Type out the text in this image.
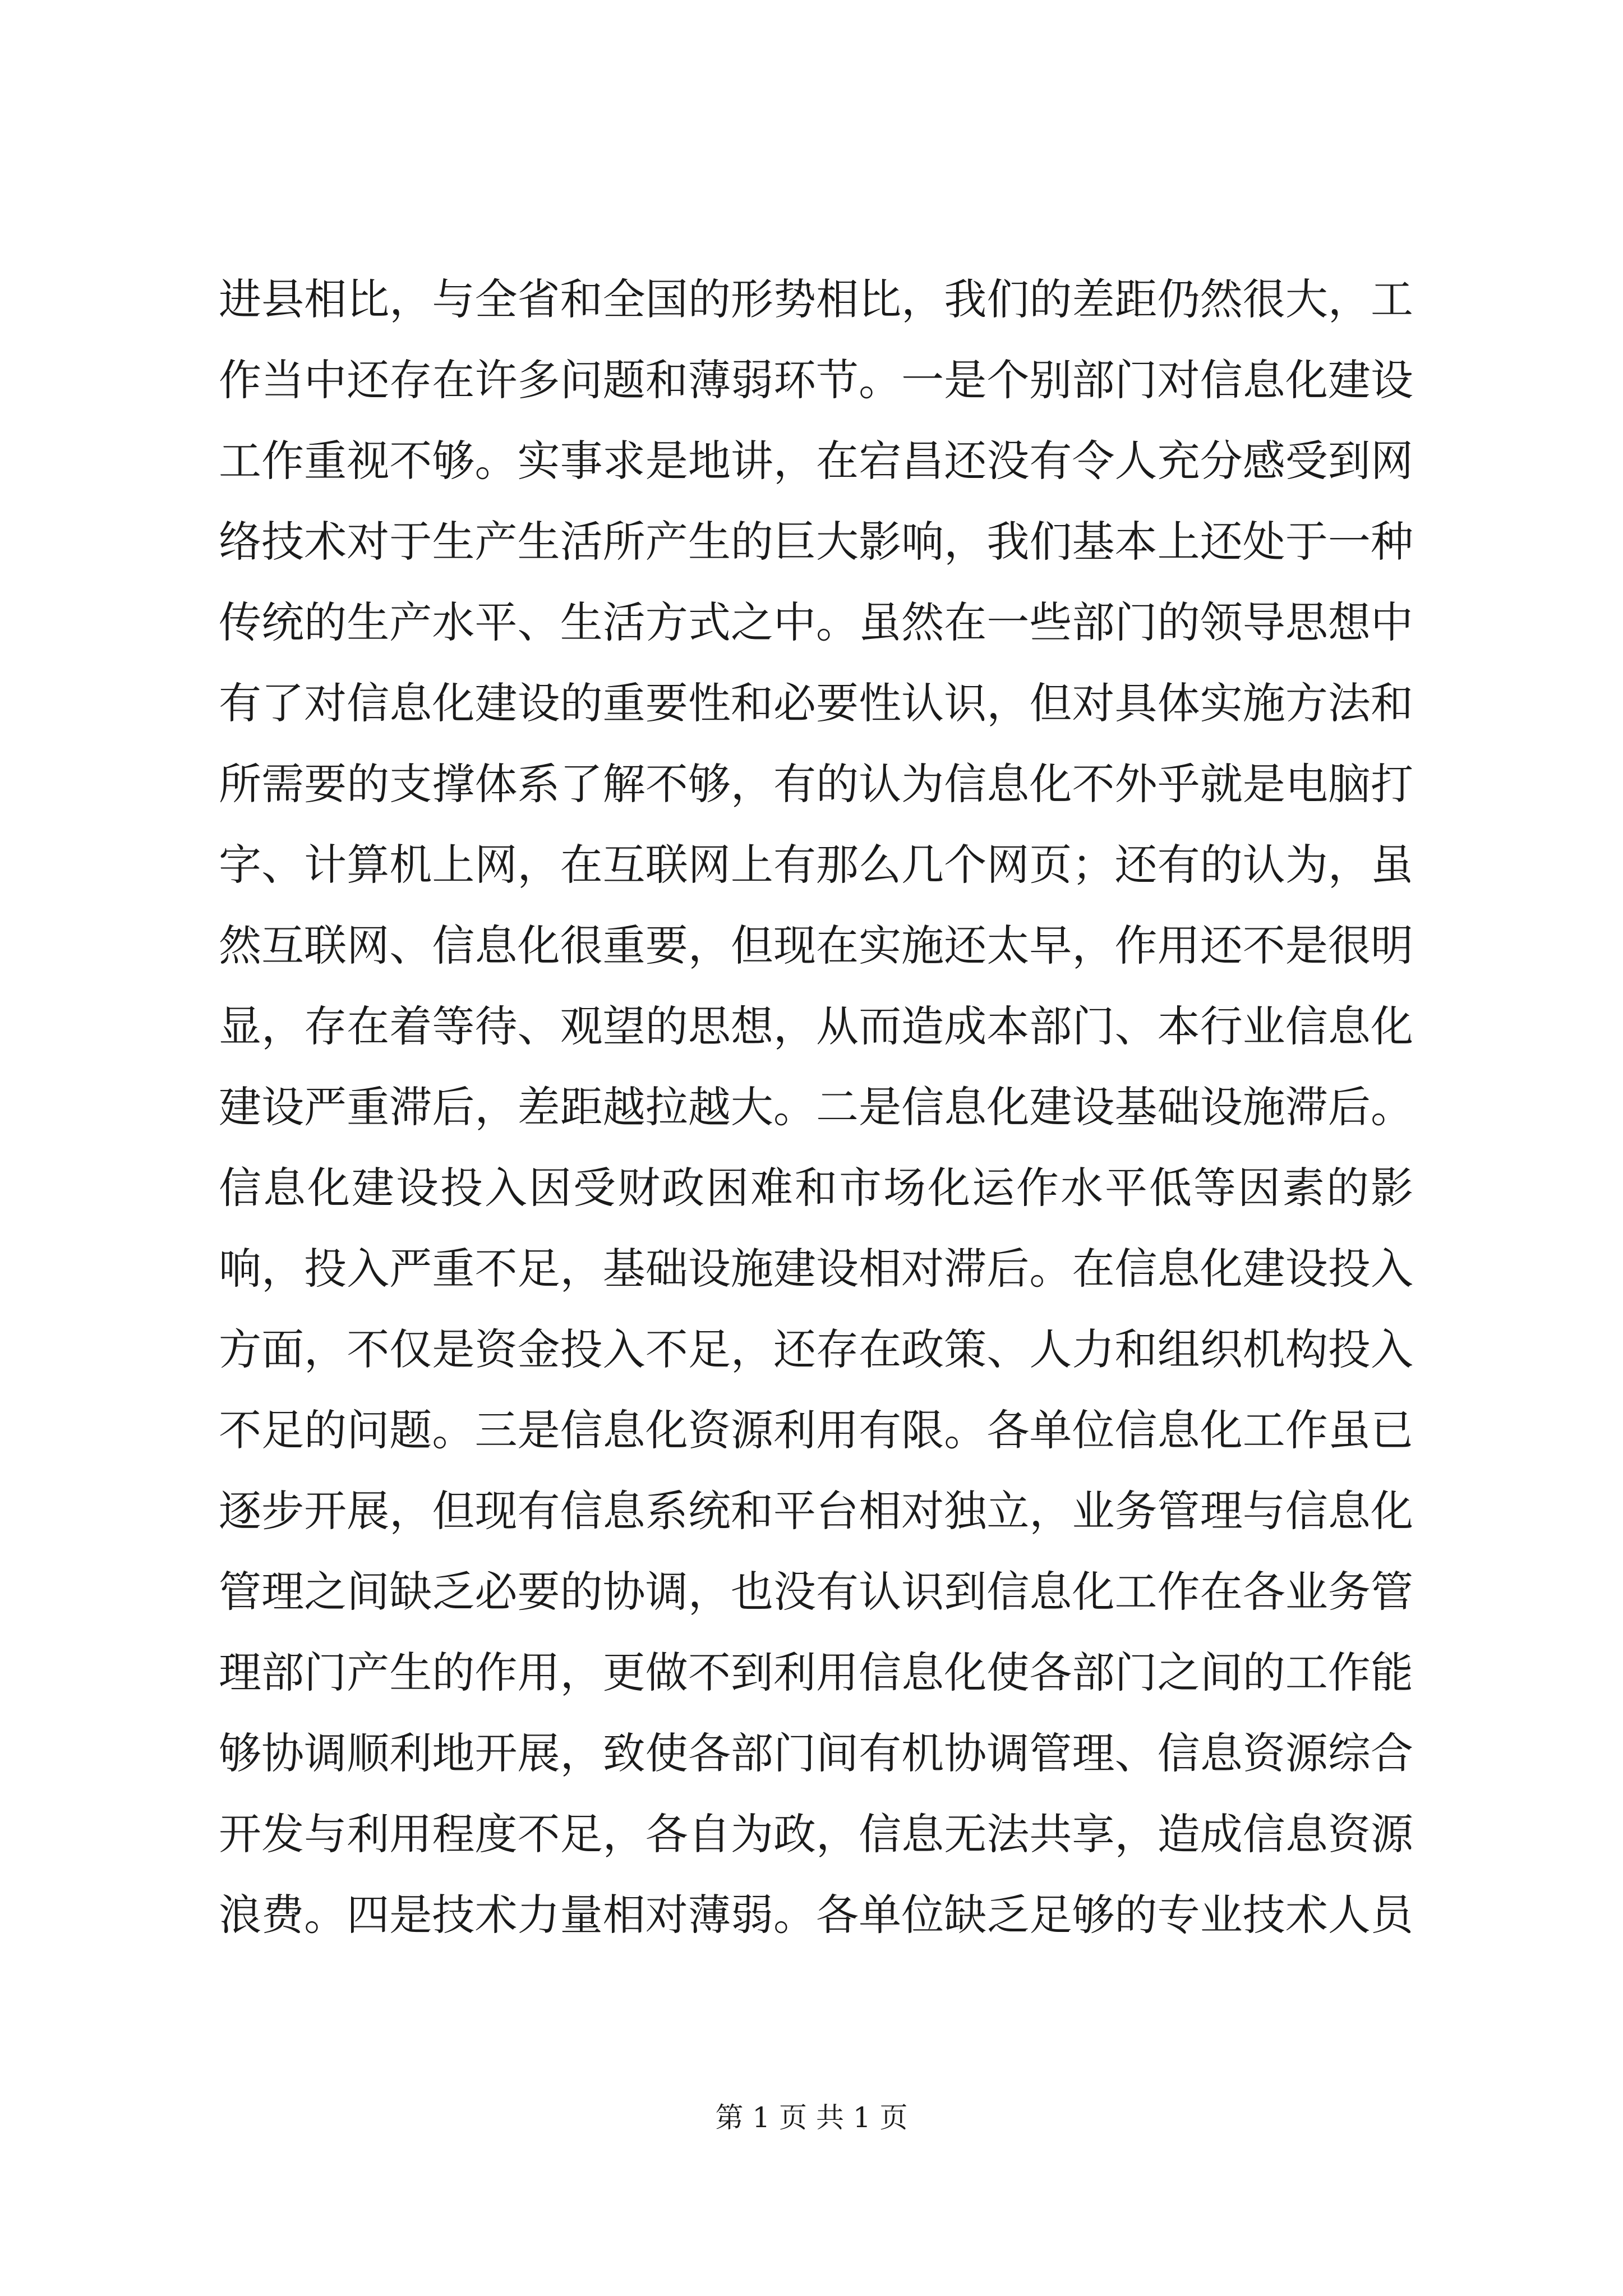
进县相比，与全省和全国的形势相比，我们的差距仍然很大，工
作当中还存在许多问题和薄弱环节。一是个别部门对信息化建设
工作重视不够。实事求是地讲，在宕昌还没有令人充分感受到网
络技术对于生产生活所产生的巨大影响，我们基本上还处于一种
传统的生产水平、生活方式之中。虽然在一些部门的领导思想中
有了对信息化建设的重要性和必要性认识，但对具体实施方法和
所需要的支撑体系了解不够，有的认为信息化不外乎就是电脑打
字、计算机上网，在互联网上有那么几个网页；还有的认为，虽
然互联网、信息化很重要，但现在实施还太早，作用还不是很明
显，存在着等待、观望的思想，从而造成本部门、本行业信息化
建设严重滞后，差距越拉越大。二是信息化建设基础设施滞后。
信息化建设投入因受财政困难和市场化运作水平低等因素的影
响，投入严重不足，基础设施建设相对滞后。在信息化建设投入
方面，不仅是资金投入不足，还存在政策、人力和组织机构投入
不足的问题。三是信息化资源利用有限。各单位信息化工作虽已
逐步开展，但现有信息系统和平台相对独立，业务管理与信息化
管理之间缺乏必要的协调，也没有认识到信息化工作在各业务管
理部门产生的作用，更做不到利用信息化使各部门之间的工作能
够协调顺利地开展，致使各部门间有机协调管理、信息资源综合
开发与利用程度不足，各自为政，信息无法共享，造成信息资源
浪费。四是技术力量相对薄弱。各单位缺乏足够的专业技术人员
第 1 页 共 1 页
